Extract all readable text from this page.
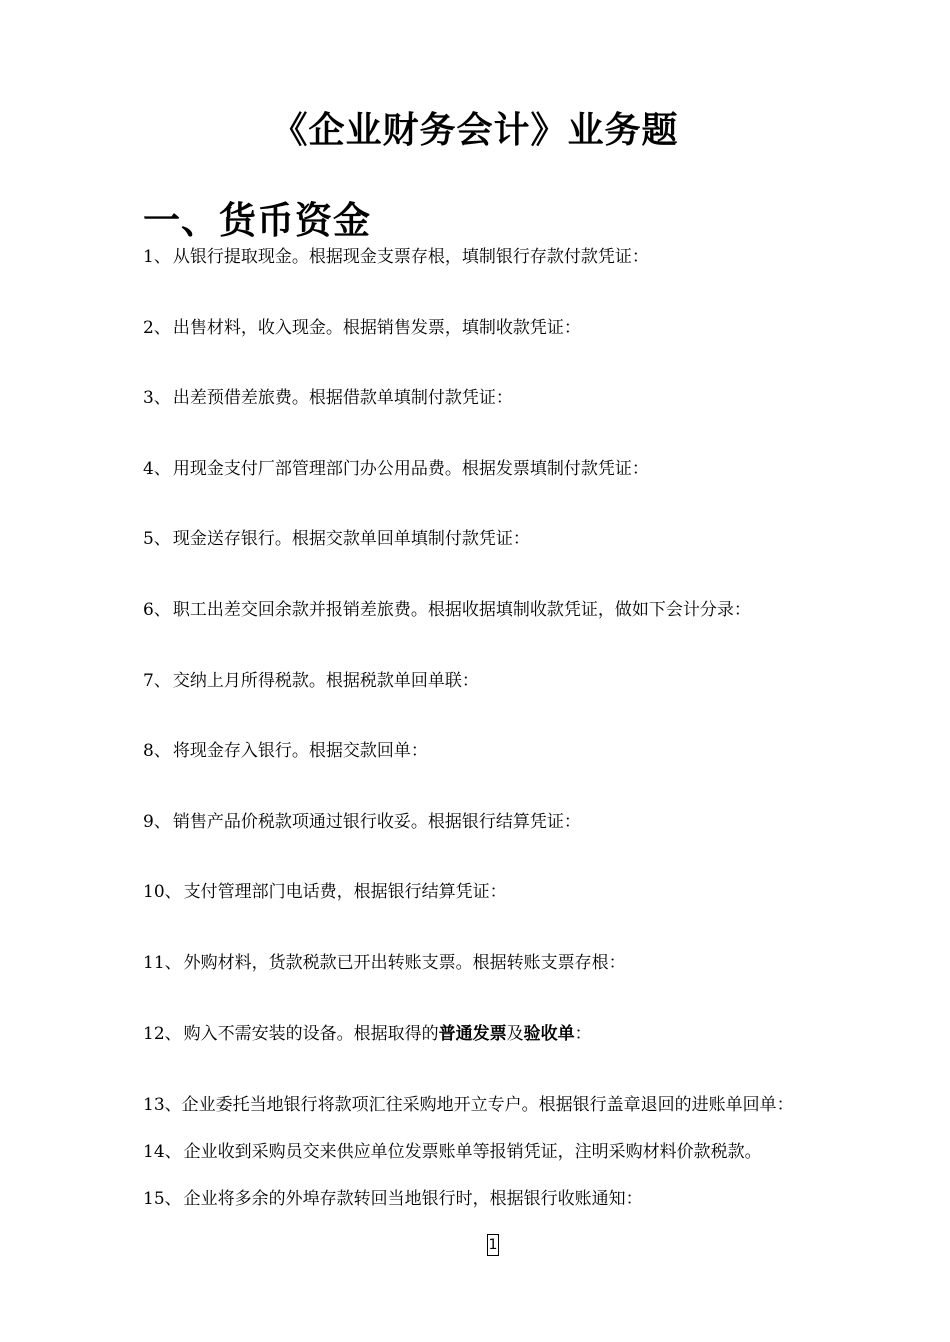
《企业财务会计》业务题
一、货币资金
1、 从银行提取现金。根据现金支票存根，填制银行存款付款凭证：
2、 出售材料，收入现金。根据销售发票，填制收款凭证：
3、 出差预借差旅费。根据借款单填制付款凭证：
4、 用现金支付厂部管理部门办公用品费。根据发票填制付款凭证：
5、 现金送存银行。根据交款单回单填制付款凭证：
6、 职工出差交回余款并报销差旅费。根据收据填制收款凭证，做如下会计分录：
7、 交纳上月所得税款。根据税款单回单联：
8、 将现金存入银行。根据交款回单：
9、 销售产品价税款项通过银行收妥。根据银行结算凭证：
10、 支付管理部门电话费，根据银行结算凭证：
11、 外购材料，货款税款已开出转账支票。根据转账支票存根：
12、 购入不需安装的设备。根据取得的普通发票及验收单：
13、企业委托当地银行将款项汇往采购地开立专户。根据银行盖章退回的进账单回单：
14、 企业收到采购员交来供应单位发票账单等报销凭证，注明采购材料价款税款。
15、 企业将多余的外埠存款转回当地银行时，根据银行收账通知：
1
